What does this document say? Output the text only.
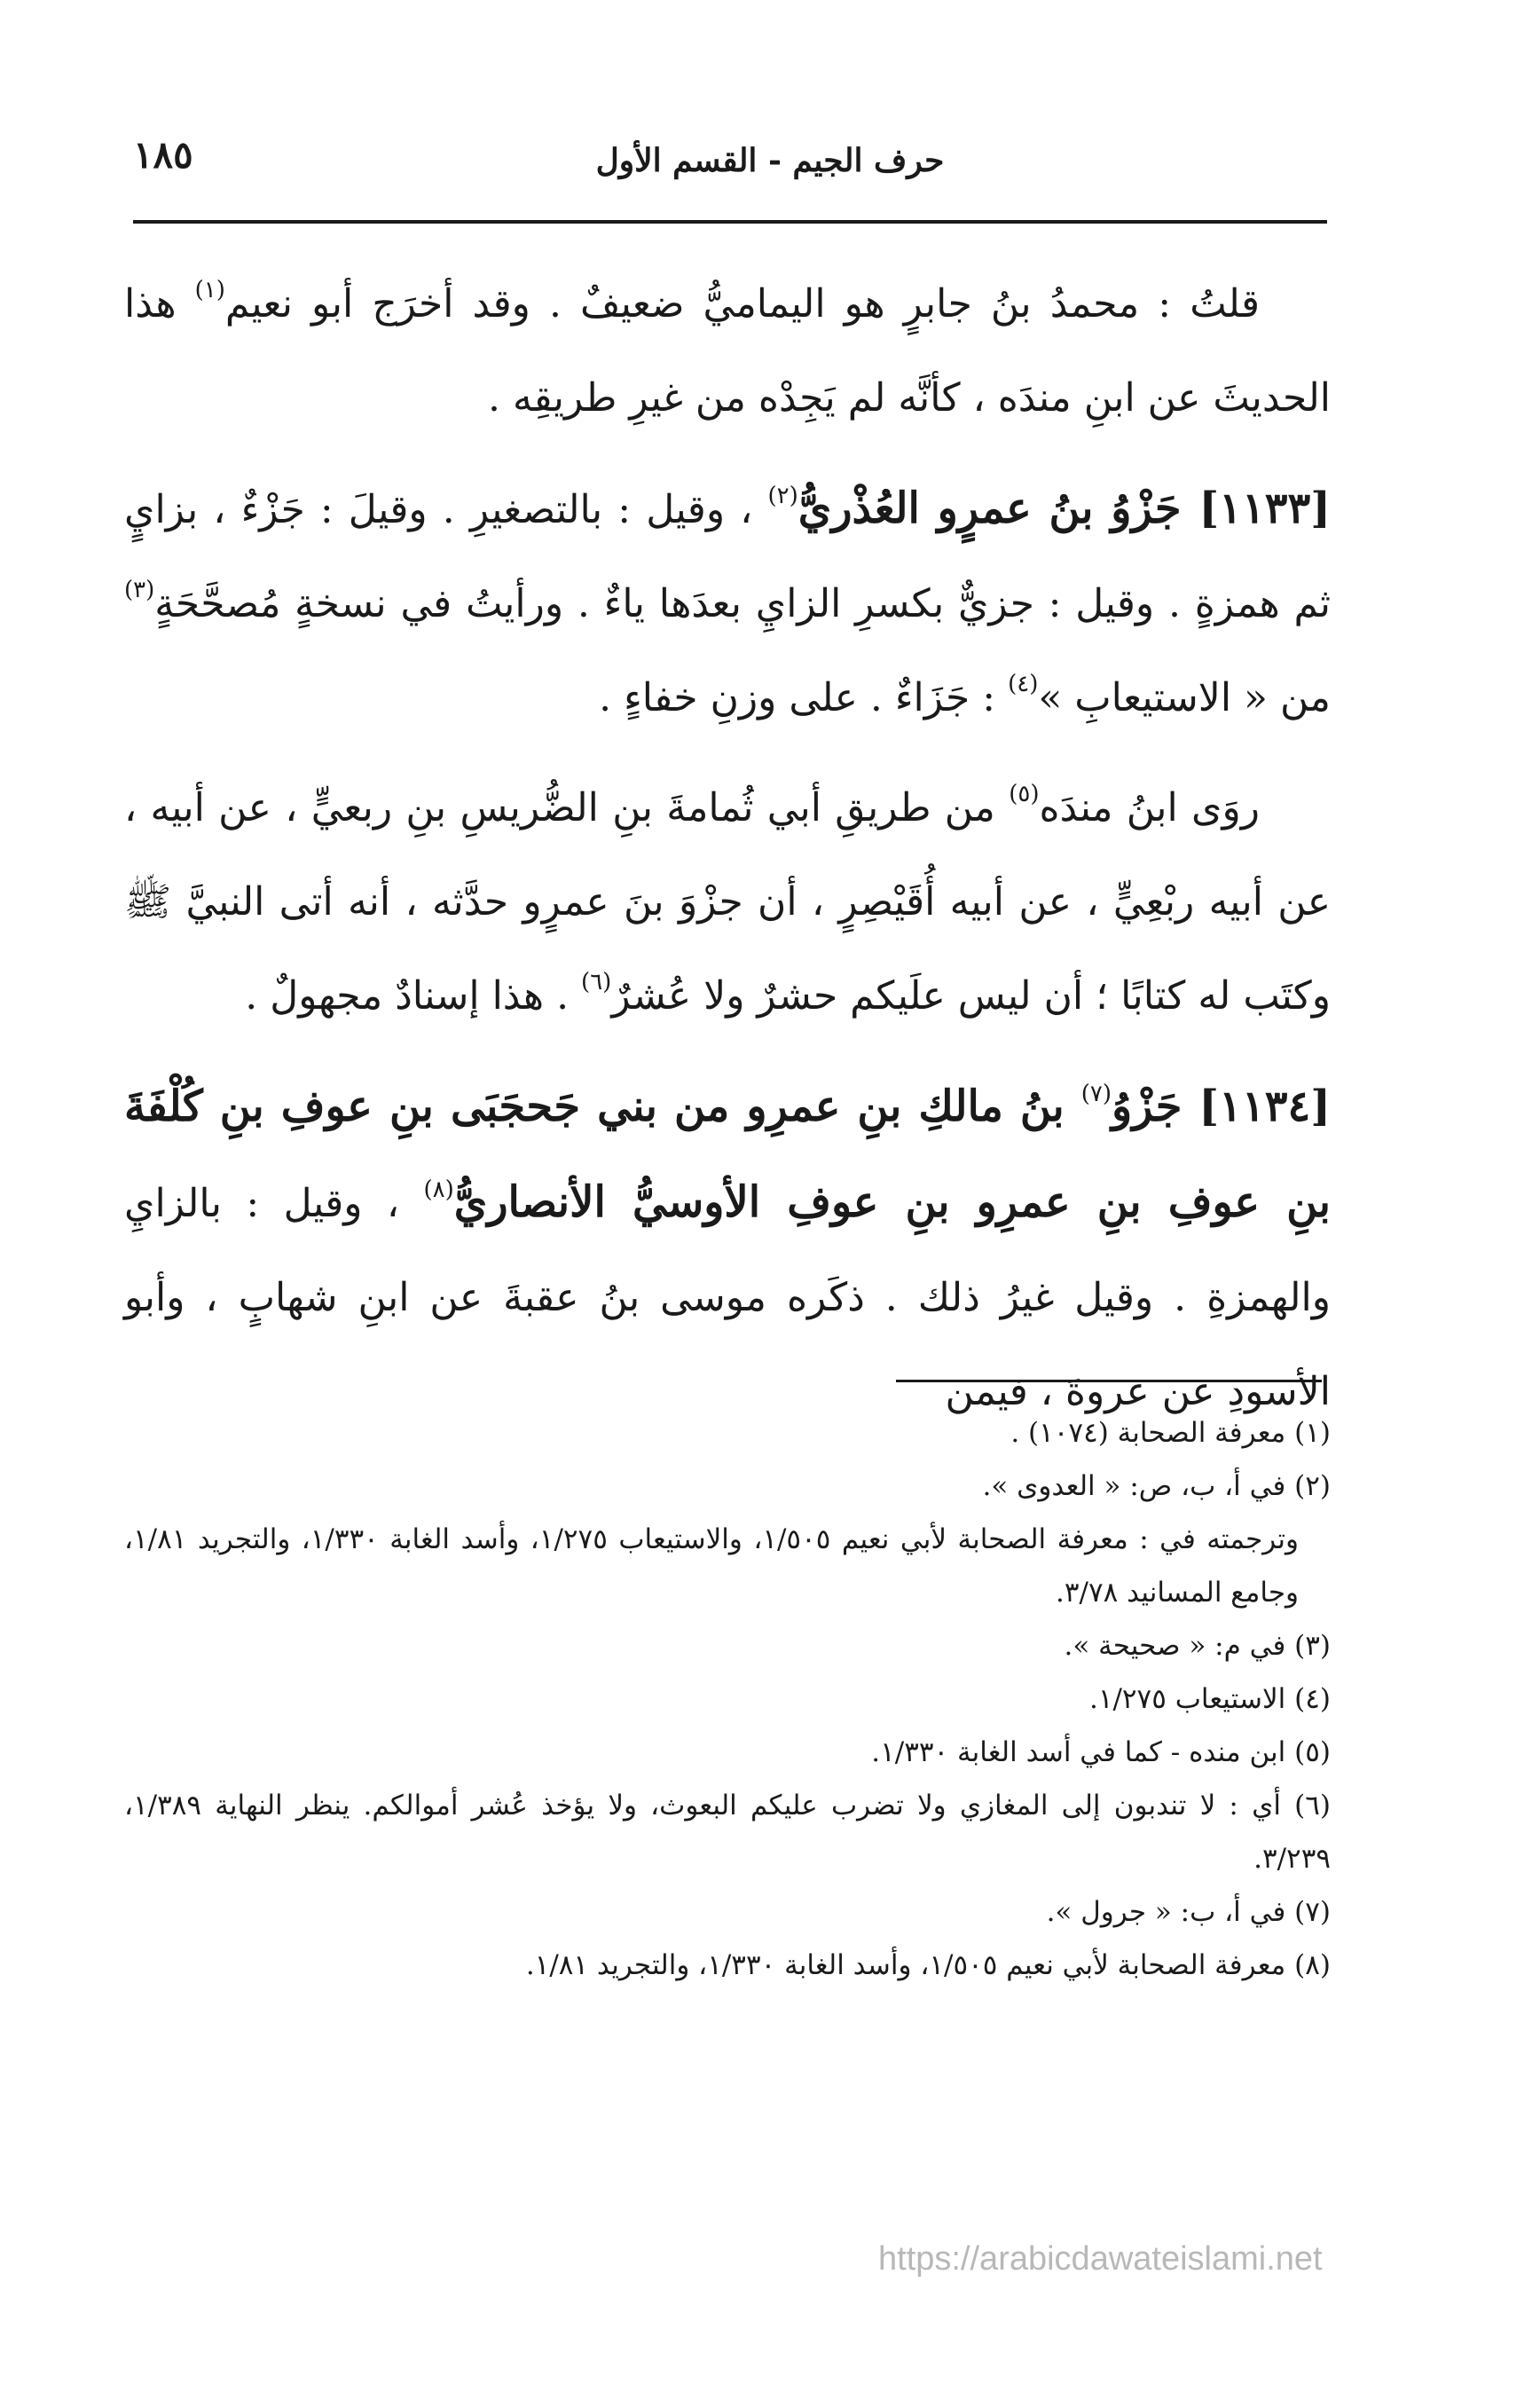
١٨٥	حرف الجيم - القسم الأول

قلتُ : محمدُ بنُ جابرٍ هو اليماميُّ ضعيفٌ . وقد أخرَج أبو نعيم$^{(١)}$ هذا الحديثَ عن ابنِ مندَه ، كأنَّه لم يَجِدْه من غيرِ طريقِه .

[١١٣٣] جَزْوُ بنُ عمرٍو العُذْريُّ$^{(٢)}$ ، وقيل : بالتصغيرِ . وقيلَ : جَزْءٌ ، بزايٍ ثم همزةٍ . وقيل : جزيٌّ بكسرِ الزايِ بعدَها ياءٌ . ورأيتُ في نسخةٍ مُصحَّحَةٍ$^{(٣)}$ من « الاستيعابِ »$^{(٤)}$ : جَزَاءٌ . على وزنِ خفاءٍ .

روَى ابنُ مندَه$^{(٥)}$ من طريقِ أبي ثُمامةَ بنِ الضُّريسِ بنِ ربعيٍّ ، عن أبيه ، عن أبيه ربْعِيٍّ ، عن أبيه أُقَيْصِرٍ ، أن جزْوَ بنَ عمرٍو حدَّثه ، أنه أتى النبيَّ ﷺ وكتَب له كتابًا ؛ أن ليس علَيكم حشرٌ ولا عُشرٌ$^{(٦)}$ . هذا إسنادٌ مجهولٌ .

[١١٣٤] جَزْوُ$^{(٧)}$ بنُ مالكِ بنِ عمرِو من بني جَحجَبَى بنِ عوفِ بنِ كُلْفَةَ بنِ عوفِ بنِ عمرِو بنِ عوفِ الأوسيُّ الأنصاريُّ$^{(٨)}$ ، وقيل : بالزايِ والهمزةِ . وقيل غيرُ ذلك . ذكَره موسى بنُ عقبةَ عن ابنِ شهابٍ ، وأبو الأسودِ عن عروةَ ، فيمن

(١) معرفة الصحابة (١٠٧٤) .

(٢) في أ، ب، ص: « العدوى ».

وترجمته في : معرفة الصحابة لأبي نعيم ١/٥٠٥، والاستيعاب ١/٢٧٥، وأسد الغابة ١/٣٣٠، والتجريد ١/٨١، وجامع المسانيد ٣/٧٨.

(٣) في م: « صحيحة ».

(٤) الاستيعاب ١/٢٧٥.

(٥) ابن منده - كما في أسد الغابة ١/٣٣٠.

(٦) أي : لا تندبون إلى المغازي ولا تضرب عليكم البعوث، ولا يؤخذ عُشر أموالكم. ينظر النهاية ١/٣٨٩، ٣/٢٣٩.

(٧) في أ، ب: « جرول ».

(٨) معرفة الصحابة لأبي نعيم ١/٥٠٥، وأسد الغابة ١/٣٣٠، والتجريد ١/٨١.

https://arabicdawateislami.net
